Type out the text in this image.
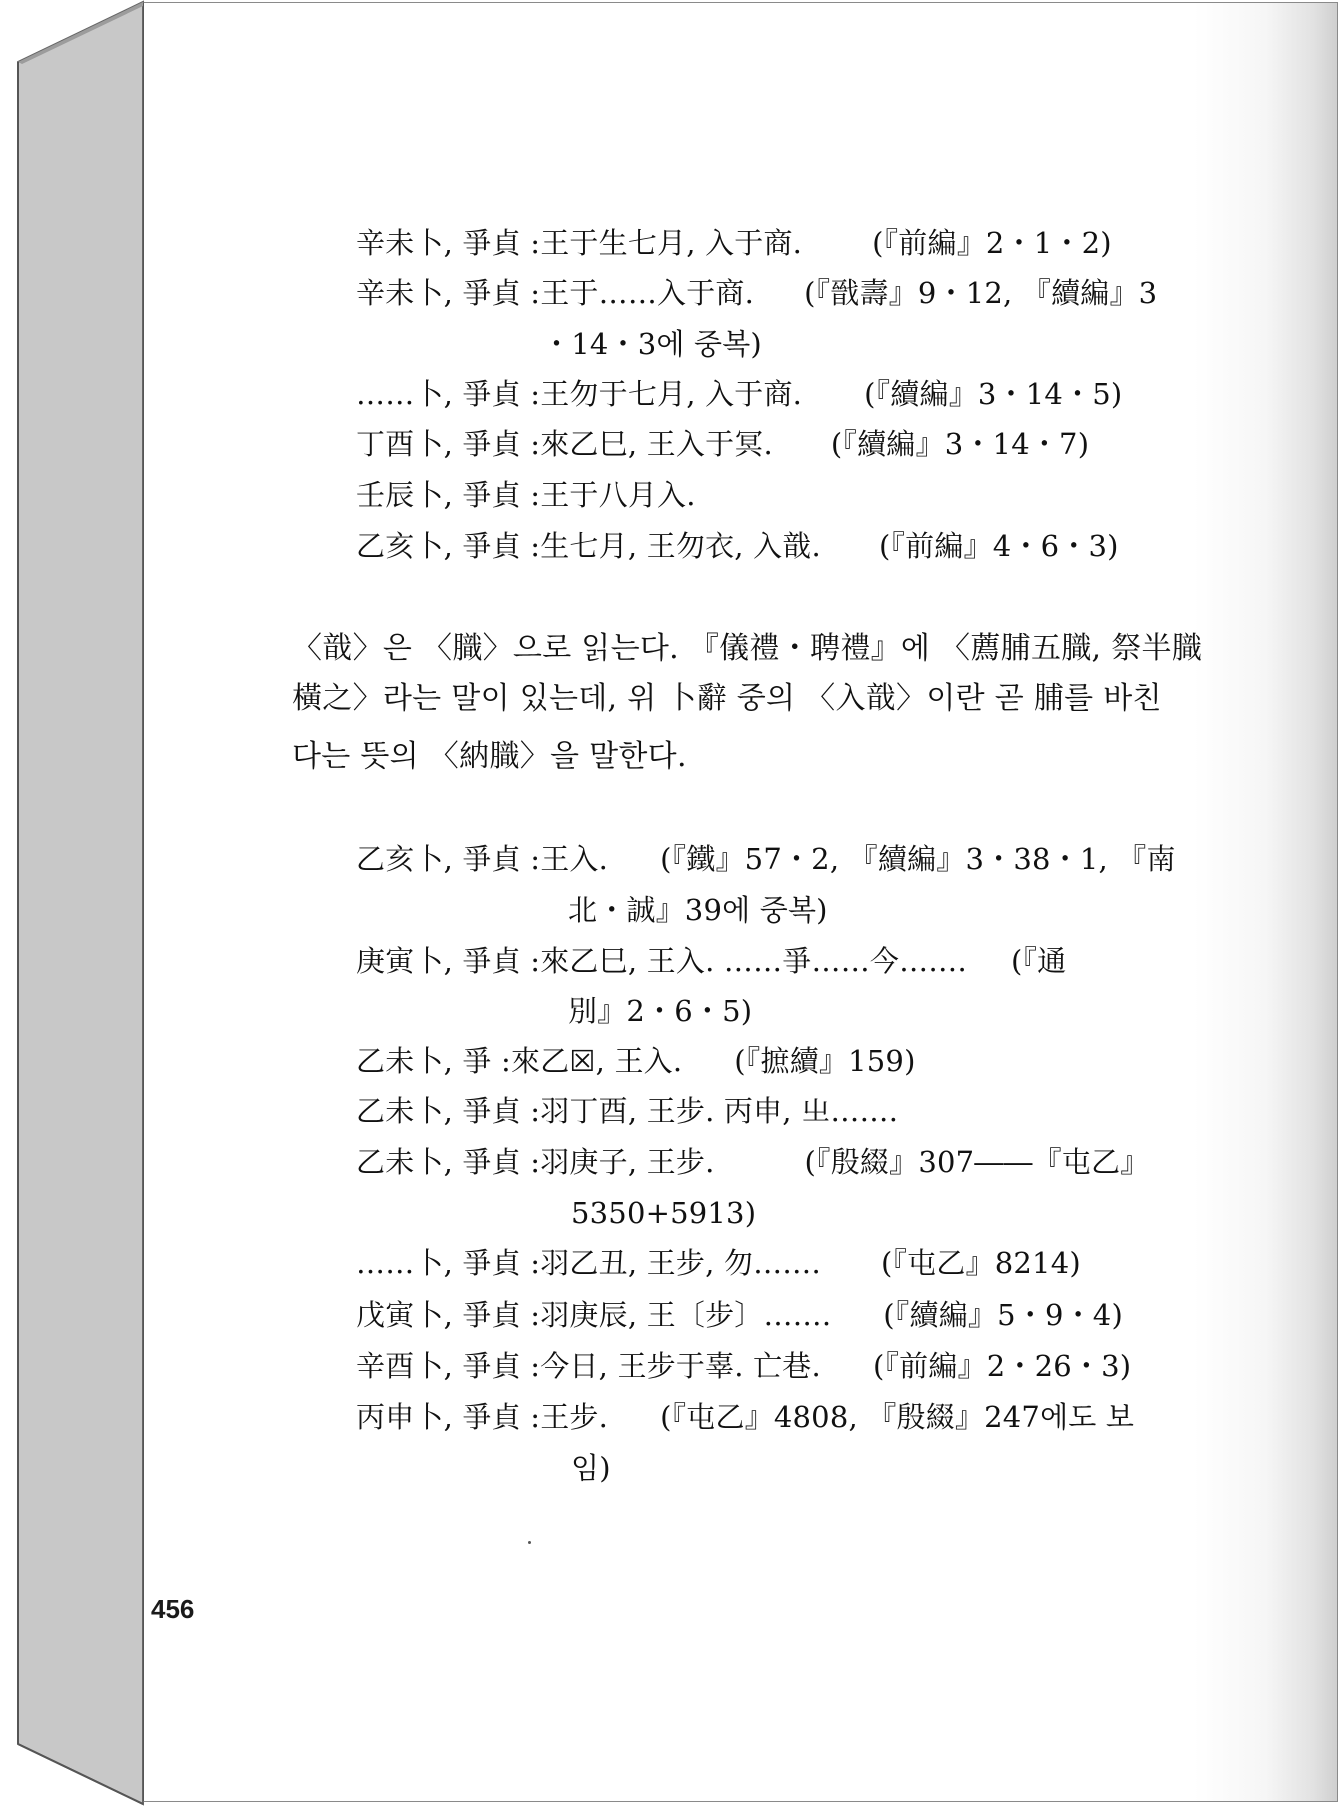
辛未卜, 爭貞 :王于生七月, 入于商. (『前編』2・1・2)
辛未卜, 爭貞 :王于……入于商. (『戩壽』9・12, 『續編』3
・14・3에 중복)
……卜, 爭貞 :王勿于七月, 入于商. (『續編』3・14・5)
丁酉卜, 爭貞 :來乙巳, 王入于冥. (『續編』3・14・7)
壬辰卜, 爭貞 :王于八月入.
乙亥卜, 爭貞 :生七月, 王勿衣, 入戠. (『前編』4・6・3)
〈戠〉은 〈膱〉으로 읽는다. 『儀禮・聘禮』에 〈薦脯五膱, 祭半膱
橫之〉라는 말이 있는데, 위 卜辭 중의 〈入戠〉이란 곧 脯를 바친
다는 뜻의 〈納膱〉을 말한다.
乙亥卜, 爭貞 :王入. (『鐵』57・2, 『續編』3・38・1, 『南
北・誠』39에 중복)
庚寅卜, 爭貞 :來乙巳, 王入. ……爭……今……. (『通
別』2・6・5)
乙未卜, 爭 :來乙☒, 王入. (『摭續』159)
乙未卜, 爭貞 :羽丁酉, 王步. 丙申, 㞢…….
乙未卜, 爭貞 :羽庚子, 王步.	(『殷綴』307――『屯乙』
5350+5913)
……卜, 爭貞 :羽乙丑, 王步, 勿……. (『屯乙』8214)
戊寅卜, 爭貞 :羽庚辰, 王〔步〕……. (『續編』5・9・4)
辛酉卜, 爭貞 :今日, 王步于辜. 亡巷. (『前編』2・26・3)
丙申卜, 爭貞 :王步. (『屯乙』4808, 『殷綴』247에도 보
임)
456
